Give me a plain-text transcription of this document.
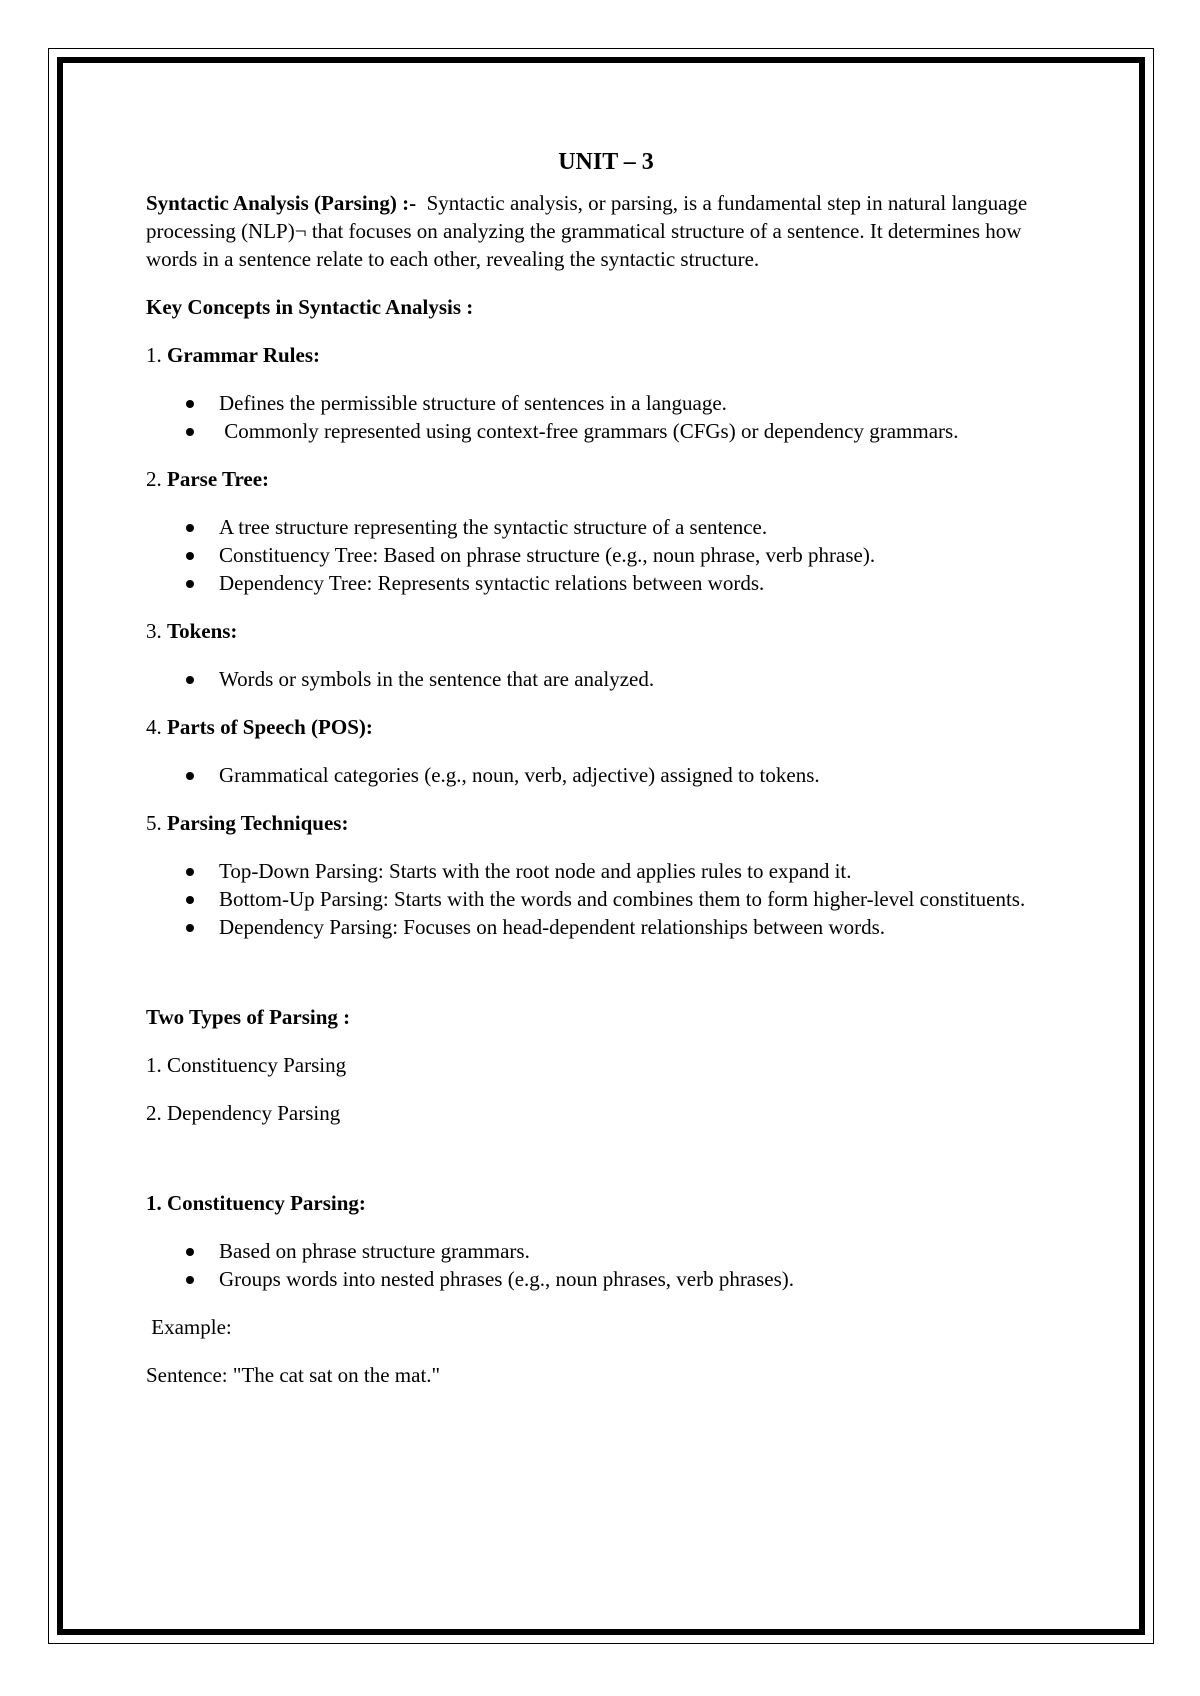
UNIT – 3

Syntactic Analysis (Parsing) :-  Syntactic analysis, or parsing, is a fundamental step in natural language processing (NLP)¬ that focuses on analyzing the grammatical structure of a sentence. It determines how words in a sentence relate to each other, revealing the syntactic structure.

Key Concepts in Syntactic Analysis :

1. Grammar Rules:

Defines the permissible structure of sentences in a language.
Commonly represented using context-free grammars (CFGs) or dependency grammars.

2. Parse Tree:

A tree structure representing the syntactic structure of a sentence.
Constituency Tree: Based on phrase structure (e.g., noun phrase, verb phrase).
Dependency Tree: Represents syntactic relations between words.

3. Tokens:

Words or symbols in the sentence that are analyzed.

4. Parts of Speech (POS):

Grammatical categories (e.g., noun, verb, adjective) assigned to tokens.

5. Parsing Techniques:

Top-Down Parsing: Starts with the root node and applies rules to expand it.
Bottom-Up Parsing: Starts with the words and combines them to form higher-level constituents.
Dependency Parsing: Focuses on head-dependent relationships between words.

Two Types of Parsing :

1. Constituency Parsing

2. Dependency Parsing

1. Constituency Parsing:

Based on phrase structure grammars.
Groups words into nested phrases (e.g., noun phrases, verb phrases).

Example:

Sentence: "The cat sat on the mat."
